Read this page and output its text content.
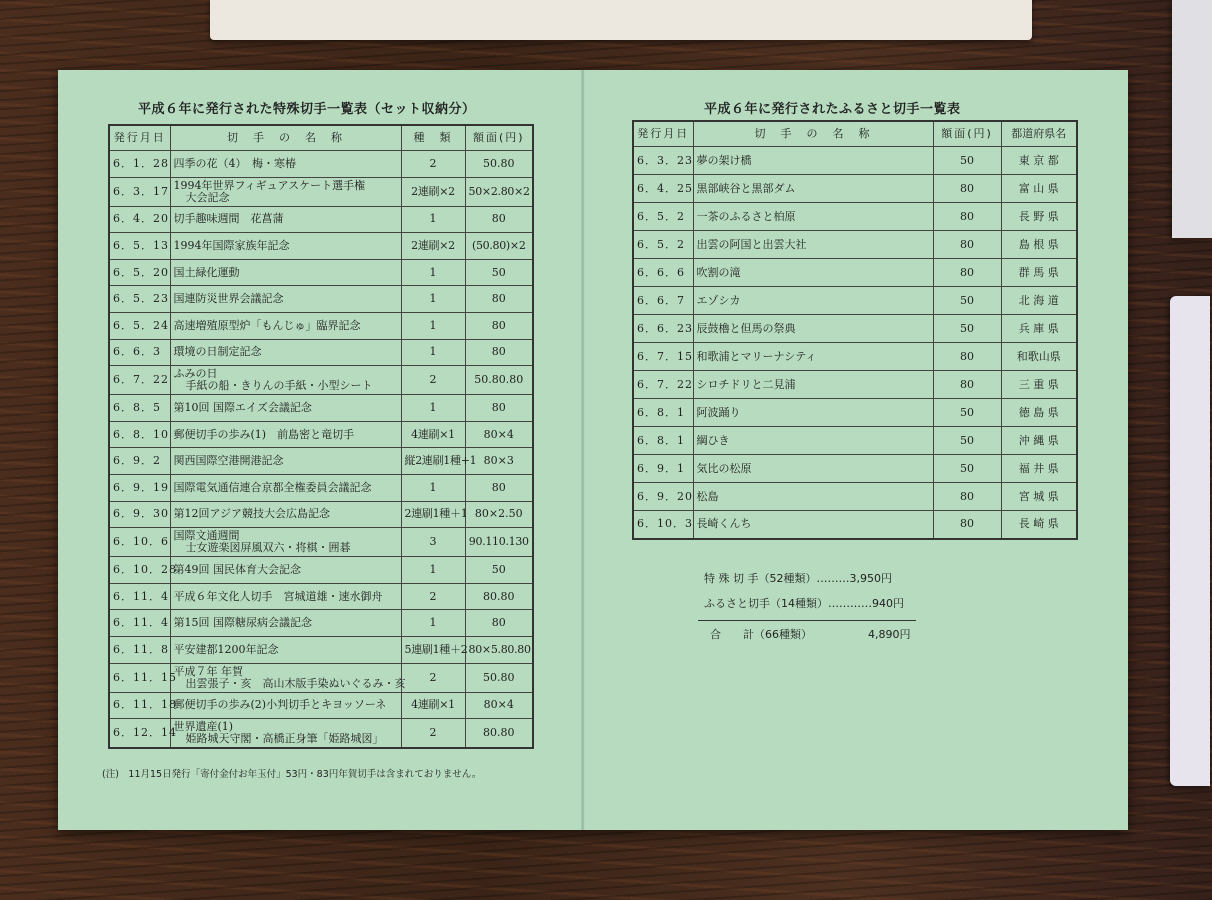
平成６年に発行された特殊切手一覧表（セット収納分）
発行月日	切　手　の　名　称	種　類	額面(円)
6．1．28	四季の花（4）　梅・寒椿	2	50.80
6．3．17	1994年世界フィギュアスケート選手権
大会記念	2連刷×2	50×2.80×2
6．4．20	切手趣味週間　花菖蒲	1	80
6．5．13	1994年国際家族年記念	2連刷×2	(50.80)×2
6．5．20	国土緑化運動	1	50
6．5．23	国連防災世界会議記念	1	80
6．5．24	高速増殖原型炉「もんじゅ」臨界記念	1	80
6．6．3	環境の日制定記念	1	80
6．7．22	ふみの日
手紙の船・きりんの手紙・小型シート	2	50.80.80
6．8．5	第10回 国際エイズ会議記念	1	80
6．8．10	郵便切手の歩み(1)　前島密と竜切手	4連刷×1	80×4
6．9．2	関西国際空港開港記念	縦2連刷1種+1	80×3
6．9．19	国際電気通信連合京都全権委員会議記念	1	80
6．9．30	第12回アジア競技大会広島記念	2連刷1種＋1	80×2.50
6．10．6	国際文通週間
士女遊楽図屏風双六・将棋・囲碁	3	90.110.130
6．10．28	第49回 国民体育大会記念	1	50
6．11．4	平成６年文化人切手　宮城道雄・速水御舟	2	80.80
6．11．4	第15回 国際糖尿病会議記念	1	80
6．11．8	平安建都1200年記念	5連刷1種＋2	80×5.80.80
6．11．15	平成７年 年賀
出雲張子・亥　高山木版手染ぬいぐるみ・亥	2	50.80
6．11．18	郵便切手の歩み(2)小判切手とキヨッソーネ	4連刷×1	80×4
6．12．14	世界遺産(1)
姫路城天守閣・高橋正身筆「姫路城図」	2	80.80
(注)　11月15日発行「寄付金付お年玉付」53円・83円年賀切手は含まれておりません。
平成６年に発行されたふるさと切手一覧表
発行月日	切　手　の　名　称	額面(円)	都道府県名
6．3．23	夢の架け橋	50	東 京 都
6．4．25	黒部峡谷と黒部ダム	80	富 山 県
6．5．2	一茶のふるさと柏原	80	長 野 県
6．5．2	出雲の阿国と出雲大社	80	島 根 県
6．6．6	吹割の滝	80	群 馬 県
6．6．7	エゾシカ	50	北 海 道
6．6．23	辰鼓櫓と但馬の祭典	50	兵 庫 県
6．7．15	和歌浦とマリーナシティ	80	和歌山県
6．7．22	シロチドリと二見浦	80	三 重 県
6．8．1	阿波踊り	50	徳 島 県
6．8．1	綱ひき	50	沖 縄 県
6．9．1	気比の松原	50	福 井 県
6．9．20	松島	80	宮 城 県
6．10．3	長崎くんち	80	長 崎 県
特 殊 切 手（52種類）………3,950円
ふるさと切手（14種類）…………940円
合　　計（66種類）	4,890円
